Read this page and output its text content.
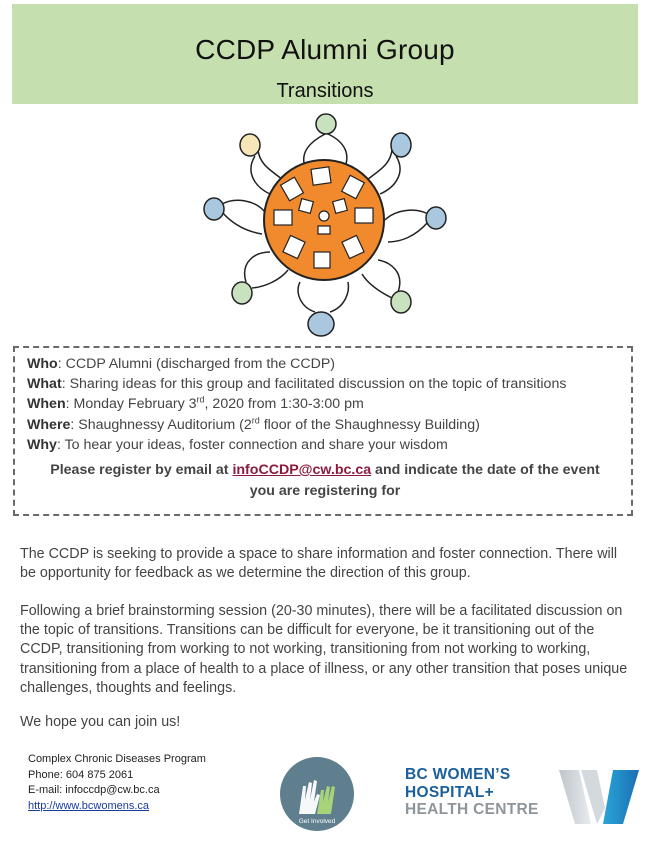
CCDP Alumni Group
Transitions
Who: CCDP Alumni (discharged from the CCDP)
What: Sharing ideas for this group and facilitated discussion on the topic of transitions
When: Monday February 3rd, 2020 from 1:30-3:00 pm
Where: Shaughnessy Auditorium (2rd floor of the Shaughnessy Building)
Why: To hear your ideas, foster connection and share your wisdom
Please register by email at infoCCDP@cw.bc.ca and indicate the date of the event
you are registering for
The CCDP is seeking to provide a space to share information and foster connection. There will be opportunity for feedback as we determine the direction of this group.
Following a brief brainstorming session (20-30 minutes), there will be a facilitated discussion on the topic of transitions. Transitions can be difficult for everyone, be it transitioning out of the CCDP, transitioning from working to not working, transitioning from not working to working, transitioning from a place of health to a place of illness, or any other transition that poses unique challenges, thoughts and feelings.
We hope you can join us!
Complex Chronic Diseases Program
Phone: 604 875 2061
E-mail: infoccdp@cw.bc.ca
http://www.bcwomens.ca
Get Involved
BC WOMEN’S
HOSPITAL+
HEALTH CENTRE
